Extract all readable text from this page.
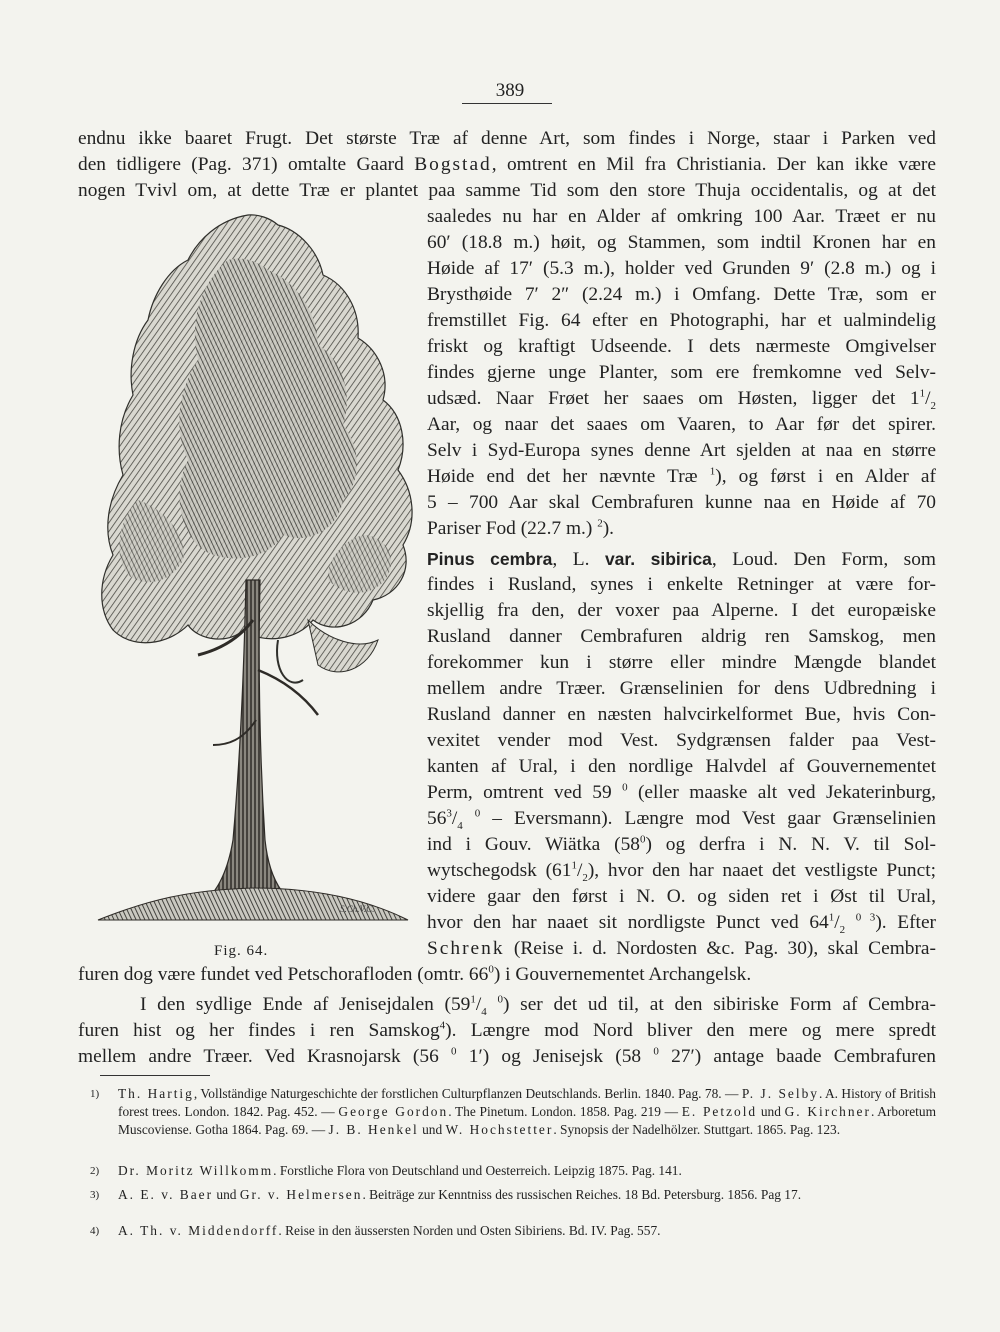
389
endnu ikke baaret Frugt. Det største Træ af denne Art, som findes i Norge, staar i Parken ved
den tidligere (Pag. 371) omtalte Gaard Bogstad, omtrent en Mil fra Christiania. Der kan ikke være
nogen Tvivl om, at dette Træ er plantet paa samme Tid som den store Thuja occidentalis, og at det
saaledes nu har en Alder af omkring 100 Aar. Træet er nu
60′ (18.8 m.) høit, og Stammen, som indtil Kronen har en
Høide af 17′ (5.3 m.), holder ved Grunden 9′ (2.8 m.) og i
Brysthøide 7′ 2″ (2.24 m.) i Omfang. Dette Træ, som er
fremstillet Fig. 64 efter en Photographi, har et ualmindelig
friskt og kraftigt Udseende. I dets nærmeste Omgivelser
findes gjerne unge Planter, som ere fremkomne ved Selv-
udsæd. Naar Frøet her saaes om Høsten, ligger $\det 1^1/_2$
Aar, og naar det saaes om Vaaren, to Aar før det spirer.
Selv i Syd-Europa synes denne Art sjelden at naa en større
Høide end det her nævnte Træ $^1$), og først i en Alder af
5 – 700 Aar skal Cembrafuren kunne naa en Høide af 70
Pariser Fod (22.7 m.) $^2$).
Pinus cembra, L. var. sibirica, Loud. Den Form, som
findes i Rusland, synes i enkelte Retninger at være for-
skjellig fra den, der voxer paa Alperne. I det europæiske
Rusland danner Cembrafuren aldrig ren Samskog, men
forekommer kun i større eller mindre Mængde blandet
mellem andre Træer. Grænselinien for dens Udbredning i
Rusland danner en næsten halvcirkelformet Bue, hvis Con-
vexitet vender mod Vest. Sydgrænsen falder paa Vest-
kanten af Ural, i den nordlige Halvdel af Gouvernementet
Perm, omtrent ved 59 $^0$ (eller maaske alt ved Jekaterinburg,
$56^3/_4$ $^0$ – Eversmann). Længre mod Vest gaar Grænselinien
ind i Gouv. Wiätka $(58^0)$ og derfra i N. N. V. til Sol-
wytschegodsk $(61^1/_2)$, hvor den har naaet det vestligste Punct;
videre gaar den først i N. O. og siden ret i Øst til Ural,
hvor den har naaet sit nordligste Punct ved $64^1/_2$ $^{0 3}$). Efter
Schrenk (Reise i. d. Nordosten &c. Pag. 30), skal Cembra-
furen dog være fundet ved Petschorafloden (omtr. $66^0$) i Gouvernementet Archangelsk.
I den sydlige Ende af Jenisejdalen ($59^1/_4$ $^0$) ser det ud til, at den sibiriske Form af Cembra-
furen hist og her findes i ren Samskog$^4$). Længre mod Nord bliver den mere og mere spredt
mellem andre Træer. Ved Krasnojarsk (56 $^0$ 1′) og Jenisejsk (58 $^0$ 27′) antage baade Cembrafuren
S.Ch.V.C.
Fig. 64.
1)	Th. Hartig, Vollständige Naturgeschichte der forstlichen Culturpflanzen Deutschlands. Berlin. 1840. Pag. 78. — P. J. Selby. A. History of British forest trees. London. 1842. Pag. 452. — George Gordon. The Pinetum. London. 1858. Pag. 219 — E. Petzold und G. Kirchner. Arboretum Muscoviense. Gotha 1864. Pag. 69. — J. B. Henkel und W. Hochstetter. Synopsis der Nadelhölzer. Stuttgart. 1865. Pag. 123.
2)	Dr. Moritz Willkomm. Forstliche Flora von Deutschland und Oesterreich. Leipzig 1875. Pag. 141.
3)	A. E. v. Baer und Gr. v. Helmersen. Beiträge zur Kenntniss des russischen Reiches. 18 Bd. Petersburg. 1856. Pag 17.
4)	A. Th. v. Middendorff. Reise in den äussersten Norden und Osten Sibiriens. Bd. IV. Pag. 557.
